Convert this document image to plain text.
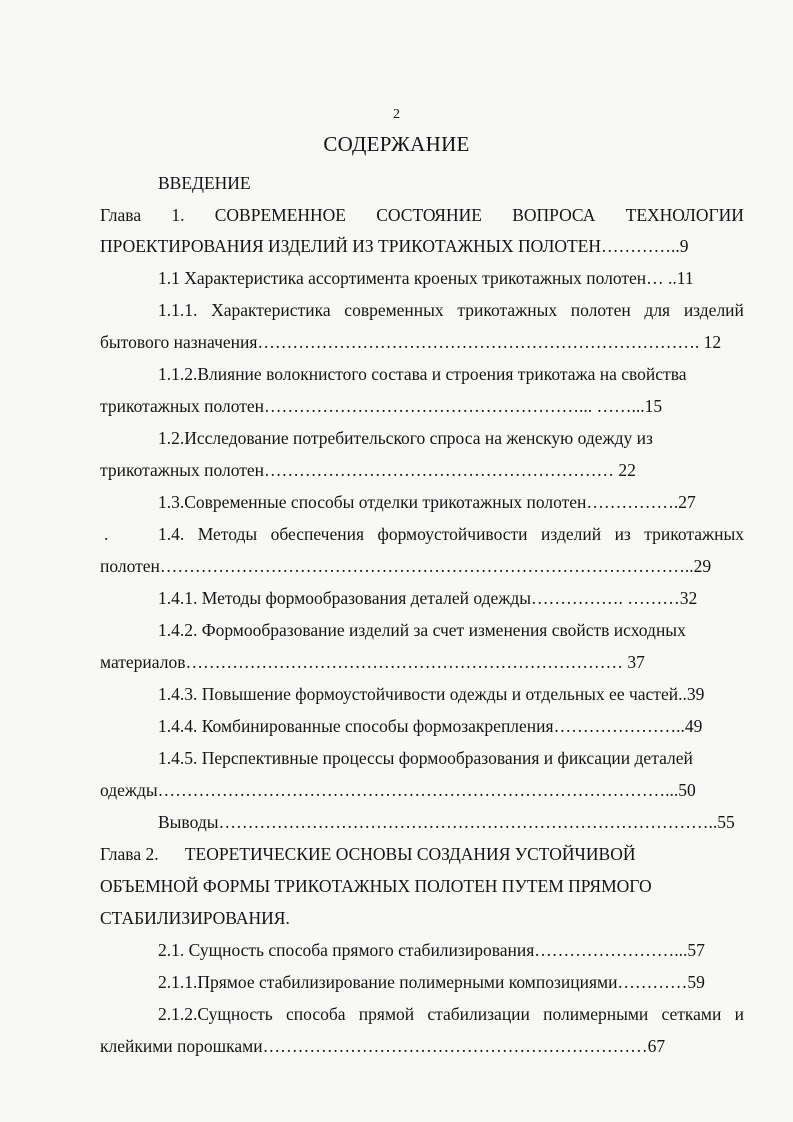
2
СОДЕРЖАНИЕ
ВВЕДЕНИЕ
Глава 1. СОВРЕМЕННОЕ СОСТОЯНИЕ ВОПРОСА ТЕХНОЛОГИИ
ПРОЕКТИРОВАНИЯ ИЗДЕЛИЙ ИЗ ТРИКОТАЖНЫХ ПОЛОТЕН…………..9
1.1 Характеристика ассортимента кроеных трикотажных полотен… ..11
1.1.1. Характеристика современных трикотажных полотен для изделий
бытового назначения…………………………………………………………………. 12
1.1.2.Влияние волокнистого состава и строения трикотажа на свойства
трикотажных полотен………………………………………………... ……...15
1.2.Исследование потребительского спроса на женскую одежду из
трикотажных полотен…………………………………………………… 22
1.3.Современные способы отделки трикотажных полотен…………….27
.	1.4. Методы обеспечения формоустойчивости изделий из трикотажных
полотен………………………………………………………………………………..29
1.4.1. Методы формообразования деталей одежды……………. ………32
1.4.2. Формообразование изделий за счет изменения свойств исходных
материалов………………………………………………………………… 37
1.4.3. Повышение формоустойчивости одежды и отдельных ее частей..39
1.4.4. Комбинированные способы формозакрепления…………………..49
1.4.5. Перспективные процессы формообразования и фиксации деталей
одежды……………………………………………………………………………...50
Выводы…………………………………………………………………………..55
Глава 2.      ТЕОРЕТИЧЕСКИЕ ОСНОВЫ СОЗДАНИЯ УСТОЙЧИВОЙ
ОБЪЕМНОЙ ФОРМЫ ТРИКОТАЖНЫХ ПОЛОТЕН ПУТЕМ ПРЯМОГО
СТАБИЛИЗИРОВАНИЯ.
2.1. Сущность способа прямого стабилизирования……………………...57
2.1.1.Прямое стабилизирование полимерными композициями…………59
2.1.2.Сущность способа прямой стабилизации полимерными сетками и
клейкими порошками…………………………………………………………67
